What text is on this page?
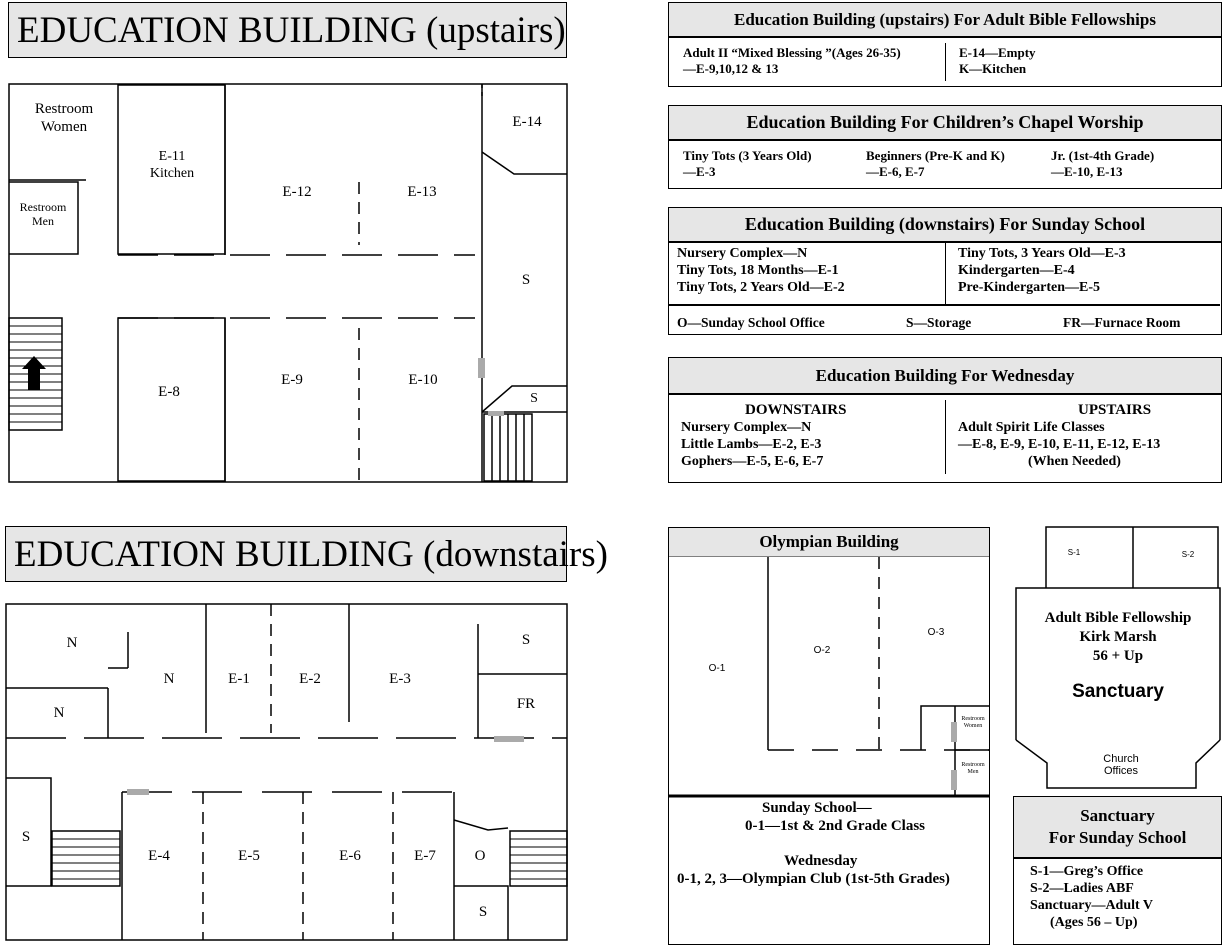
EDUCATION BUILDING (upstairs)
EDUCATION BUILDING (downstairs)
Restroom
Women
Restroom
Men
E-11
Kitchen
E-12	E-13
E-14
S
S
E-8
E-9	E-10
N
N
N	E-1	E-2	E-3
S
FR
S
E-4	E-5	E-6	E-7	O
S
Education Building (upstairs) For Adult Bible Fellowships
Adult II “Mixed Blessing ”(Ages 26-35)
—E-9,10,12 & 13
E-14—Empty
K—Kitchen
Education Building For Children’s Chapel Worship
Tiny Tots (3 Years Old)
—E-3
Beginners (Pre-K and K)
—E-6, E-7
Jr. (1st-4th Grade)
—E-10, E-13
Education Building (downstairs) For Sunday School
Nursery Complex—N
Tiny Tots, 18 Months—E-1
Tiny Tots, 2 Years Old—E-2
Tiny Tots, 3 Years Old—E-3
Kindergarten—E-4
Pre-Kindergarten—E-5
O—Sunday School Office	S—Storage	FR—Furnace Room
Education Building For Wednesday
DOWNSTAIRS
Nursery Complex—N
Little Lambs—E-2, E-3
Gophers—E-5, E-6, E-7
UPSTAIRS
Adult Spirit Life Classes
—E-8, E-9, E-10, E-11, E-12, E-13
(When Needed)
Olympian Building
O-1
O-2
O-3
Restroom
Women
Restroom
Men
Sunday School—
0-1—1st & 2nd Grade Class
Wednesday
0-1, 2, 3—Olympian Club (1st-5th Grades)
S-1	S-2
Adult Bible Fellowship
Kirk Marsh
56 + Up
Sanctuary
Church
Offices
Sanctuary
For Sunday School
S-1—Greg’s Office
S-2—Ladies ABF
Sanctuary—Adult V
(Ages 56 – Up)
